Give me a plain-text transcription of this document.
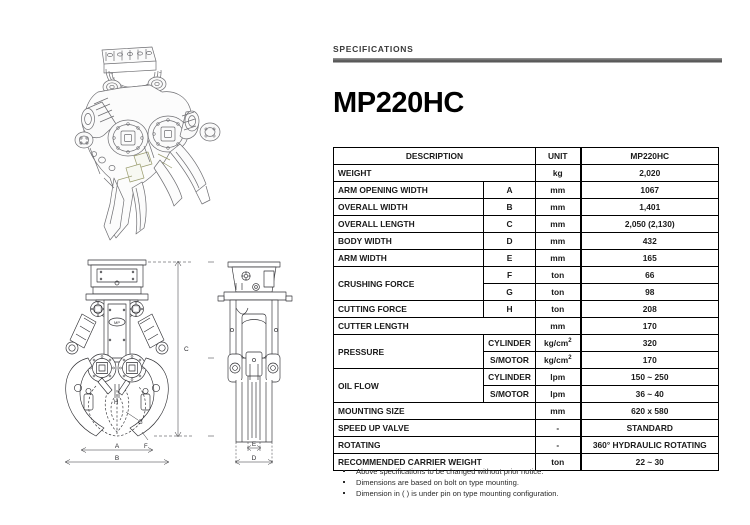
MP
H
G
F
A
B
C
E
D
SPECIFICATIONS
MP220HC
DESCRIPTION		UNIT	MP220HC
WEIGHT		kg	2,020
ARM OPENING WIDTH	A	mm	1067
OVERALL WIDTH	B	mm	1,401
OVERALL LENGTH	C	mm	2,050 (2,130)
BODY WIDTH	D	mm	432
ARM WIDTH	E	mm	165
CRUSHING FORCE	F	ton	66
	G	ton	98
CUTTING FORCE	H	ton	208
CUTTER LENGTH		mm	170
PRESSURE	CYLINDER	$kg/cm^2$	320
	S/MOTOR	$kg/cm^2$	170
OIL FLOW	CYLINDER	lpm	150 ~ 250
	S/MOTOR	lpm	36 ~ 40
MOUNTING SIZE		mm	620 x 580
SPEED UP VALVE		-	STANDARD
ROTATING		-	360° HYDRAULIC ROTATING
RECOMMENDED CARRIER WEIGHT		ton	22 ~ 30
Above specifications to be changed without prior notice.
Dimensions are based on bolt on type mounting.
Dimension in ( ) is under pin on type mounting configuration.
